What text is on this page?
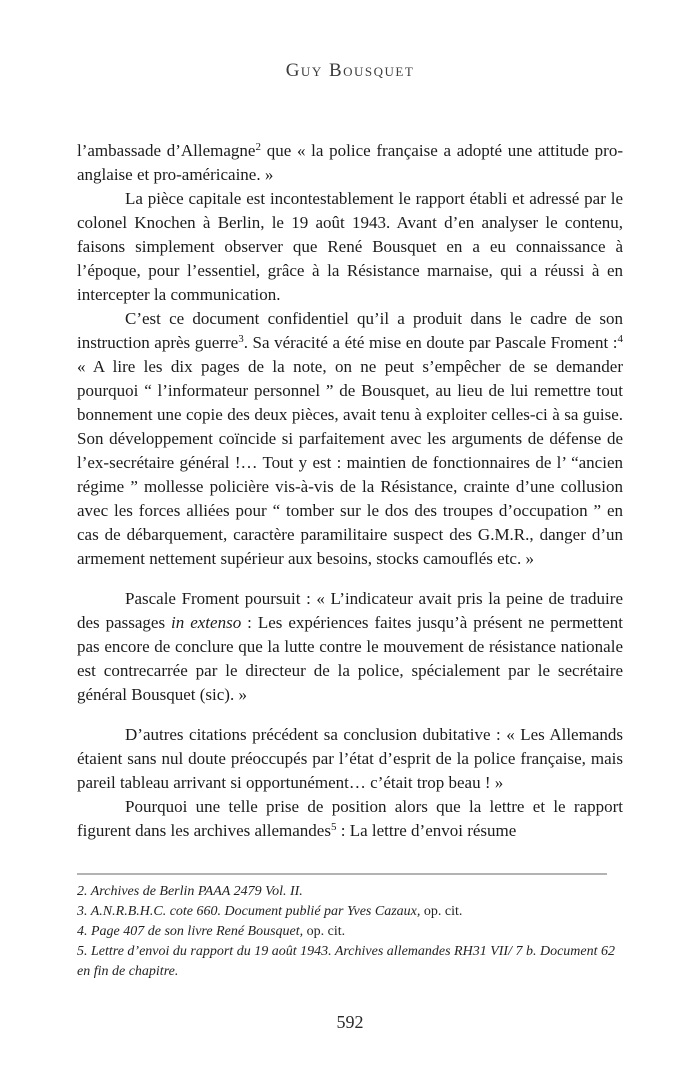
Guy Bousquet

l’ambassade d’Allemagne$^2$ que « la police française a adopté une attitude pro-anglaise et pro-américaine. »

La pièce capitale est incontestablement le rapport établi et adressé par le colonel Knochen à Berlin, le 19 août 1943. Avant d’en analyser le contenu, faisons simplement observer que René Bousquet en a eu connaissance à l’époque, pour l’essentiel, grâce à la Résistance marnaise, qui a réussi à en intercepter la communication.

C’est ce document confidentiel qu’il a produit dans le cadre de son instruction après guerre$^3$. Sa véracité a été mise en doute par Pascale Froment :$^4$ « A lire les dix pages de la note, on ne peut s’empêcher de se demander pourquoi “ l’informateur personnel ” de Bousquet, au lieu de lui remettre tout bonnement une copie des deux pièces, avait tenu à exploiter celles-ci à sa guise. Son développement coïncide si parfaitement avec les arguments de défense de l’ex-secrétaire général !… Tout y est : maintien de fonctionnaires de l’ “ancien régime ” mollesse policière vis-à-vis de la Résistance, crainte d’une collusion avec les forces alliées pour “ tomber sur le dos des troupes d’occupation ” en cas de débarquement, caractère paramilitaire suspect des G.M.R., danger d’un armement nettement supérieur aux besoins, stocks camouflés etc. »

Pascale Froment poursuit : « L’indicateur avait pris la peine de traduire des passages in extenso : Les expériences faites jusqu’à présent ne permettent pas encore de conclure que la lutte contre le mouvement de résistance nationale est contrecarrée par le directeur de la police, spécialement par le secrétaire général Bousquet (sic). »

D’autres citations précédent sa conclusion dubitative : « Les Allemands étaient sans nul doute préoccupés par l’état d’esprit de la police française, mais pareil tableau arrivant si opportunément… c’était trop beau ! »

Pourquoi une telle prise de position alors que la lettre et le rapport figurent dans les archives allemandes$^5$ : La lettre d’envoi résume

2. Archives de Berlin PAAA 2479 Vol. II.

3. A.N.R.B.H.C. cote 660. Document publié par Yves Cazaux, op. cit.

4. Page 407 de son livre René Bousquet, op. cit.

5. Lettre d’envoi du rapport du 19 août 1943. Archives allemandes RH31 VII/ 7 b. Document 62 en fin de chapitre.

592
